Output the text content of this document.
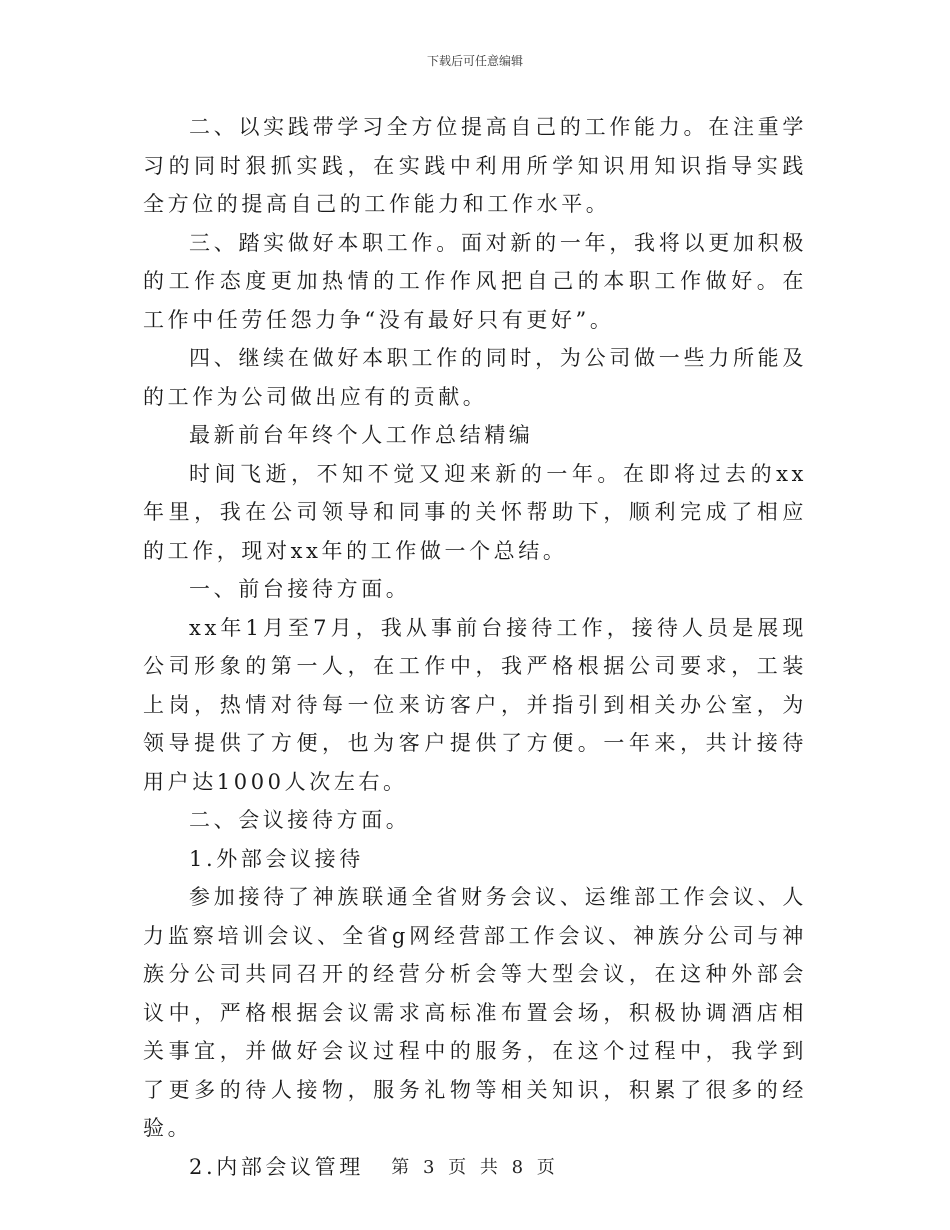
下载后可任意编辑

二、以实践带学习全方位提高自己的工作能力。在注重学习的同时狠抓实践，在实践中利用所学知识用知识指导实践全方位的提高自己的工作能力和工作水平。

三、踏实做好本职工作。面对新的一年，我将以更加积极的工作态度更加热情的工作作风把自己的本职工作做好。在工作中任劳任怨力争“没有最好只有更好”。

四、继续在做好本职工作的同时，为公司做一些力所能及的工作为公司做出应有的贡献。

最新前台年终个人工作总结精编

时间飞逝，不知不觉又迎来新的一年。在即将过去的xx年里，我在公司领导和同事的关怀帮助下，顺利完成了相应的工作，现对xx年的工作做一个总结。

一、前台接待方面。

xx年1月至7月，我从事前台接待工作，接待人员是展现公司形象的第一人，在工作中，我严格根据公司要求，工装上岗，热情对待每一位来访客户，并指引到相关办公室，为领导提供了方便，也为客户提供了方便。一年来，共计接待用户达1000人次左右。

二、会议接待方面。

1.外部会议接待

参加接待了神族联通全省财务会议、运维部工作会议、人力监察培训会议、全省g网经营部工作会议、神族分公司与神族分公司共同召开的经营分析会等大型会议，在这种外部会议中，严格根据会议需求高标准布置会场，积极协调酒店相关事宜，并做好会议过程中的服务，在这个过程中，我学到了更多的待人接物，服务礼物等相关知识，积累了很多的经验。

2.内部会议管理	第 3 页 共 8 页
